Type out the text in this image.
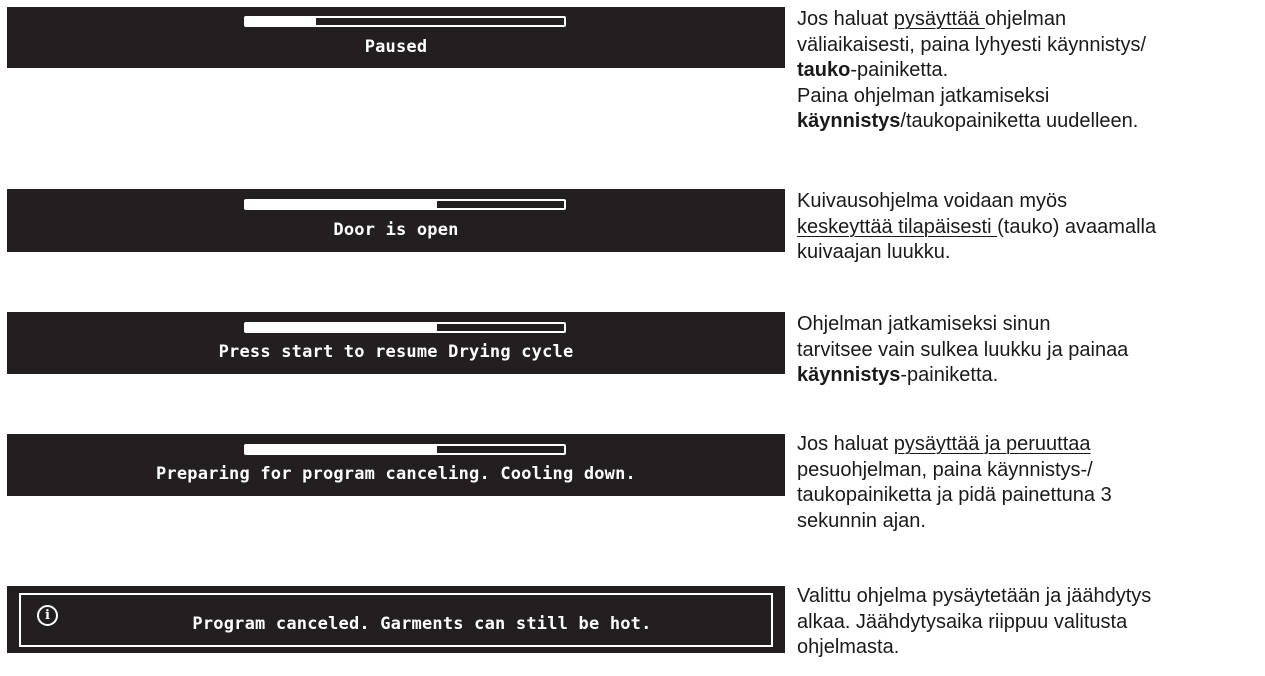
Paused
Jos haluat pysäyttää ohjelman
väliaikaisesti, paina lyhyesti käynnistys/
tauko-painiketta.
Paina ohjelman jatkamiseksi
käynnistys/taukopainiketta uudelleen.
Door is open
Kuivausohjelma voidaan myös
keskeyttää tilapäisesti (tauko) avaamalla
kuivaajan luukku.
Press start to resume Drying cycle
Ohjelman jatkamiseksi sinun
tarvitsee vain sulkea luukku ja painaa
käynnistys-painiketta.
Preparing for program canceling. Cooling down.
Jos haluat pysäyttää ja peruuttaa
pesuohjelman, paina käynnistys-/
taukopainiketta ja pidä painettuna 3
sekunnin ajan.
i	Program canceled. Garments can still be hot.
Valittu ohjelma pysäytetään ja jäähdytys
alkaa. Jäähdytysaika riippuu valitusta
ohjelmasta.
